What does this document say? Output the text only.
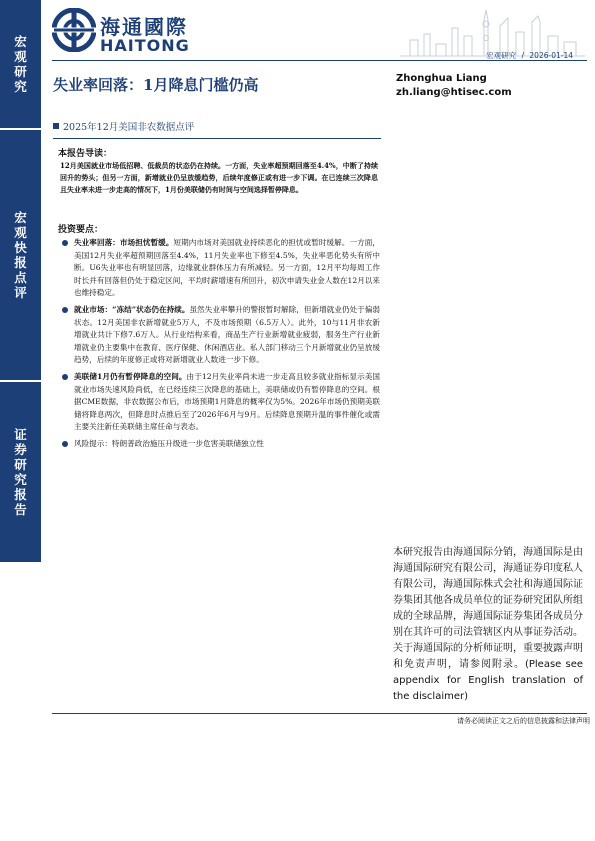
宏
观
研
究
宏
观
快
报
点
评
证
券
研
究
报
告
海通國際
HAITONG
宏观研究 / 2026-01-14
失业率回落：1月降息门槛仍高	Zhonghua Liang
zh.liang@htisec.com
2025年12月美国非农数据点评
本报告导读：
12月美国就业市场低招聘、低裁员的状态仍在持续。一方面，失业率超预期回落至4.4%，中断了持续回升的势头；但另一方面，新增就业仍呈放缓趋势，后续年度修正或有进一步下调。在已连续三次降息且失业率未进一步走高的情况下，1月份美联储仍有时间与空间选择暂停降息。
投资要点：
失业率回落：市场担忧暂缓。短期内市场对美国就业持续恶化的担忧或暂时缓解。一方面，美国12月失业率超预期回落至4.4%，11月失业率也下修至4.5%，失业率恶化势头有所中断。U6失业率也有明显回落，边缘就业群体压力有所减轻。另一方面，12月平均每周工作时长并有回落但仍处于稳定区间，平均时薪增速有所回升，初次申请失业金人数在12月以来也维持稳定。
就业市场：“冻结”状态仍在持续。虽然失业率攀升的警报暂时解除，但新增就业仍处于偏弱状态。12月美国非农新增就业5万人，不及市场预期（6.5万人）。此外，10与11月非农新增就业共计下修7.6万人。从行业结构来看，商品生产行业新增就业疲弱，服务生产行业新增就业仍主要集中在教育、医疗保健、休闲酒店业。私人部门移动三个月新增就业仍呈放缓趋势，后续的年度修正或将对新增就业人数进一步下修。
美联储1月仍有暂停降息的空间。由于12月失业率尚未进一步走高且较多就业指标显示美国就业市场失速风险尚低，在已经连续三次降息的基础上，美联储或仍有暂停降息的空间。根据CME数据，非农数据公布后，市场预期1月降息的概率仅为5%。2026年市场仍预期美联储将降息两次，但降息时点推后至了2026年6月与9月。后续降息预期升温的事件催化或需主要关注新任美联储主席任命与表态。
风险提示：特朗普政治施压升级进一步危害美联储独立性
本研究报告由海通国际分销，海通国际是由海通国际研究有限公司，海通证券印度私人有限公司，海通国际株式会社和海通国际证券集团其他各成员单位的证券研究团队所组成的全球品牌，海通国际证券集团各成员分别在其许可的司法管辖区内从事证券活动。关于海通国际的分析师证明，重要披露声明和免责声明，请参阅附录。(Please see appendix for English translation of the disclaimer)
请务必阅读正文之后的信息披露和法律声明
